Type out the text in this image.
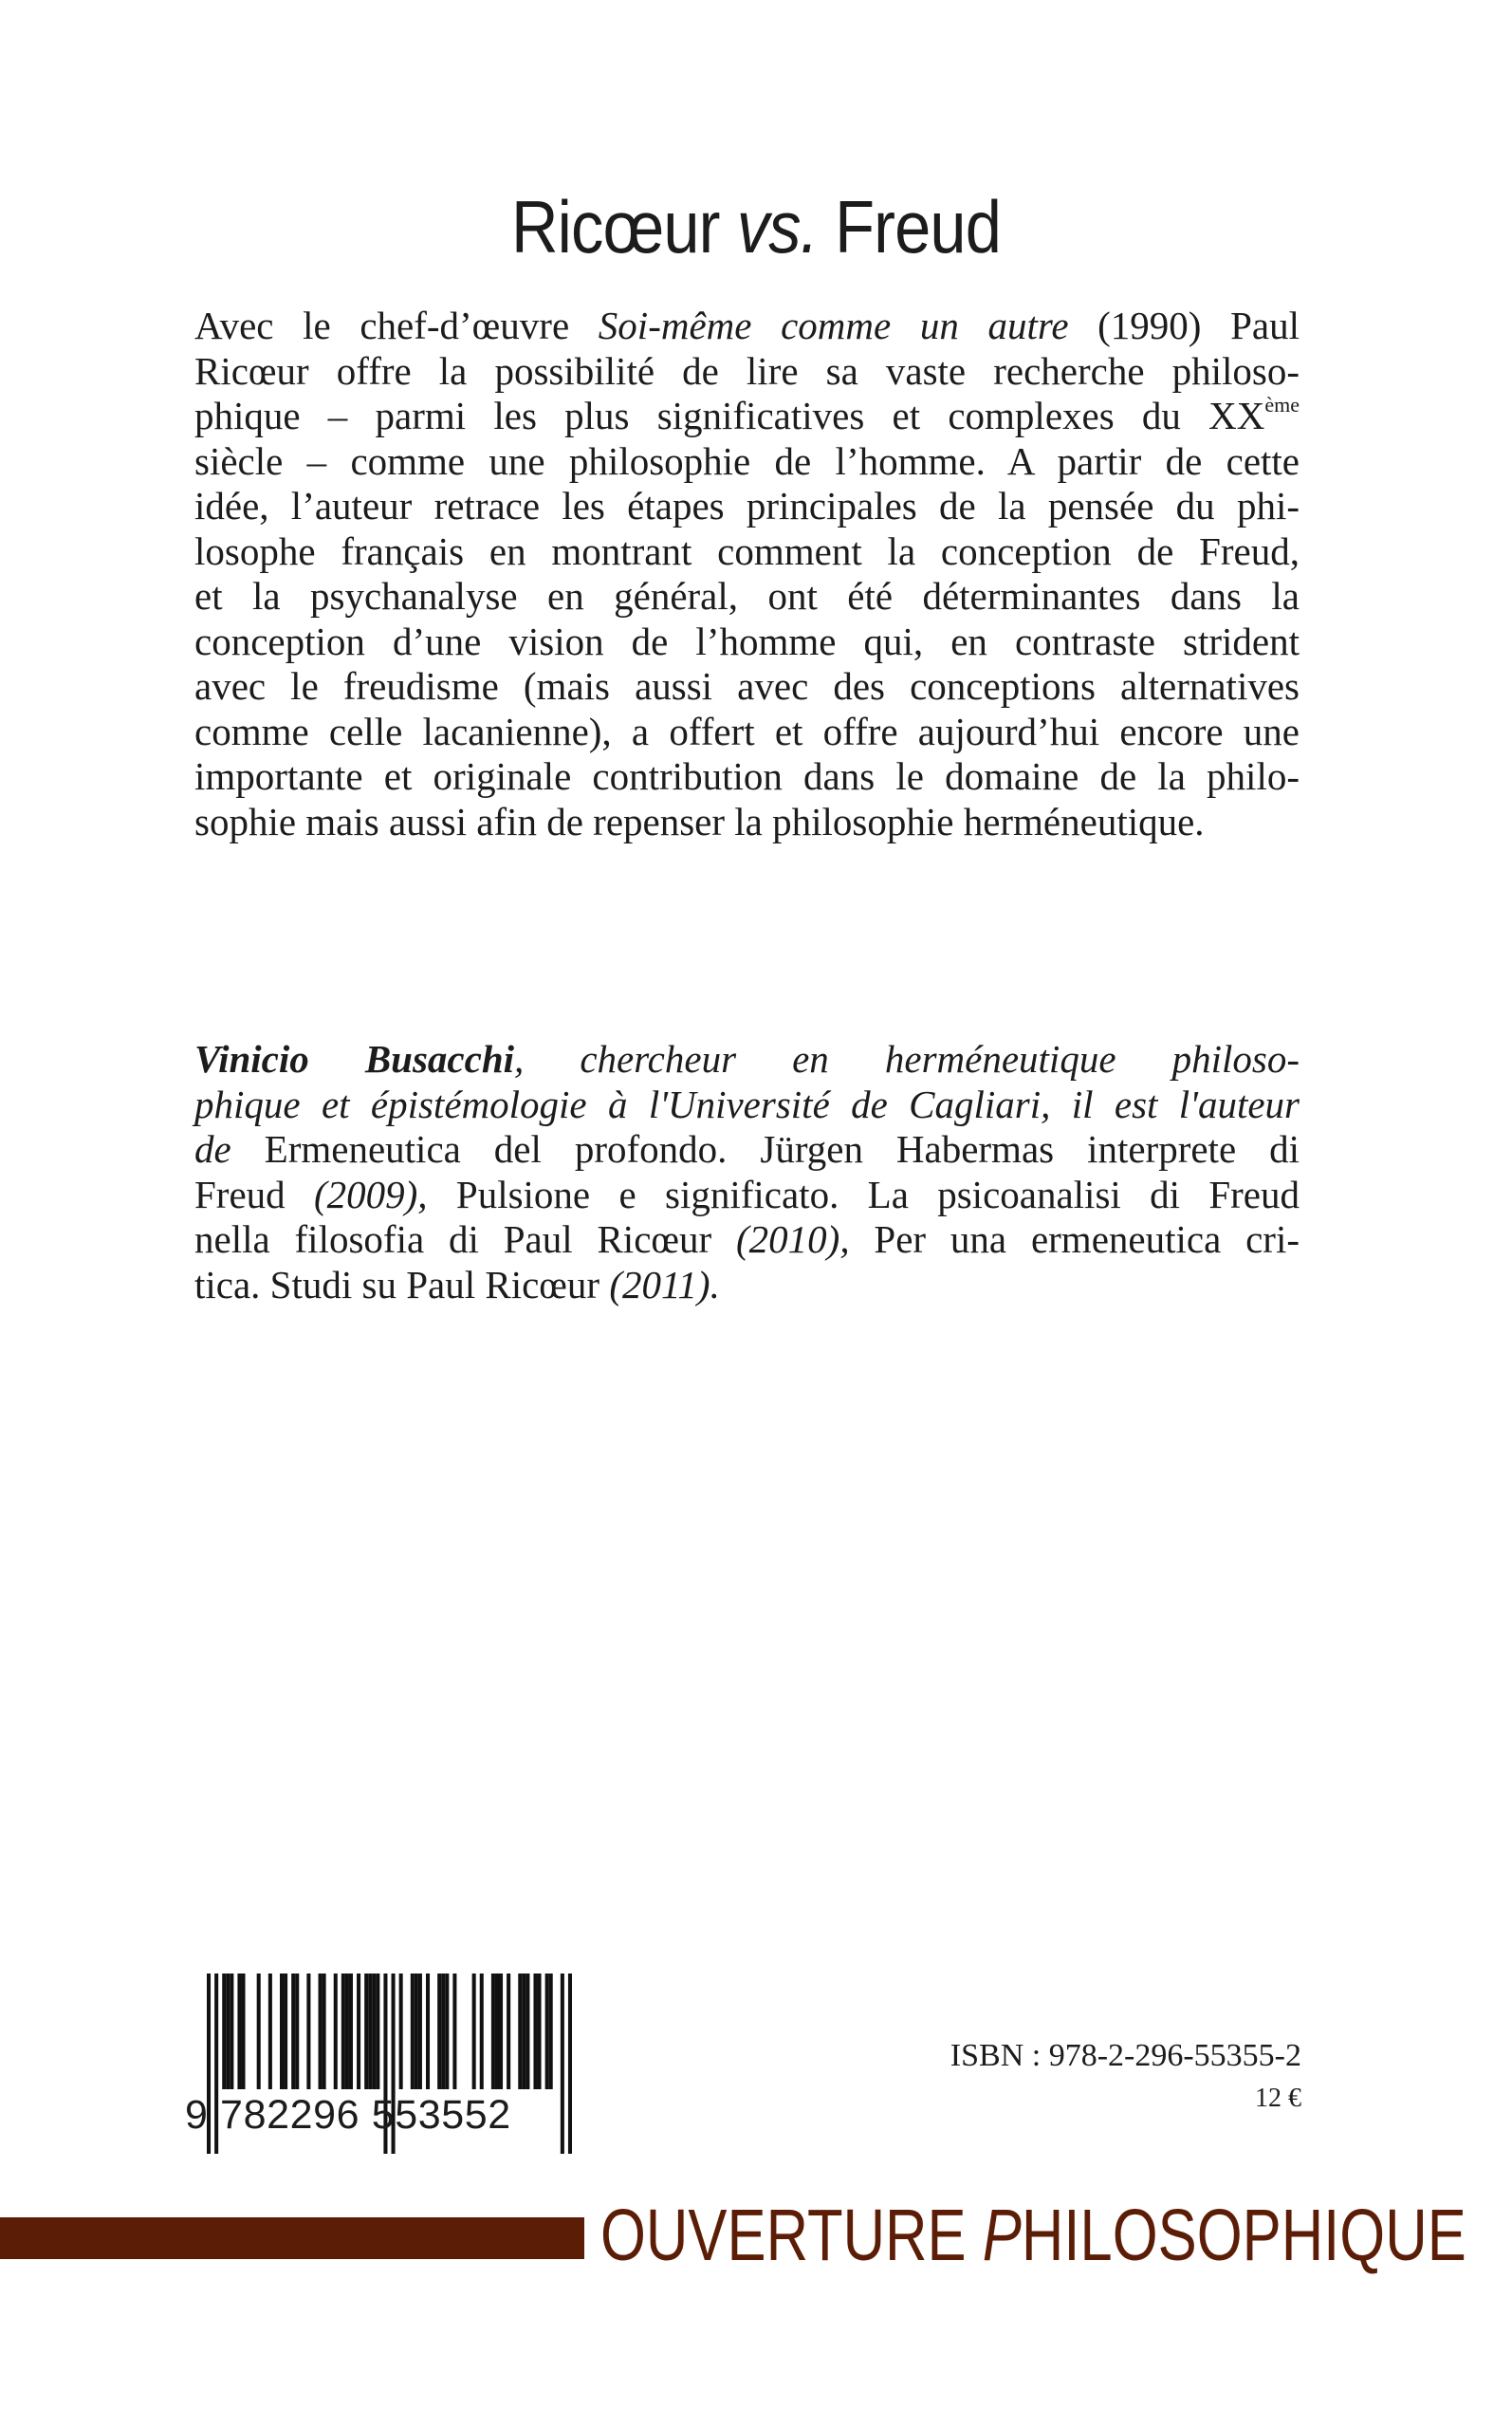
Ricœur vs. Freud
Avec le chef-d’œuvre Soi-même comme un autre (1990) Paul
Ricœur offre la possibilité de lire sa vaste recherche philoso-
phique – parmi les plus significatives et complexes du XXème
siècle – comme une philosophie de l’homme. A partir de cette
idée, l’auteur retrace les étapes principales de la pensée du phi-
losophe français en montrant comment la conception de Freud,
et la psychanalyse en général, ont été déterminantes dans la
conception d’une vision de l’homme qui, en contraste strident
avec le freudisme (mais aussi avec des conceptions alternatives
comme celle lacanienne), a offert et offre aujourd’hui encore une
importante et originale contribution dans le domaine de la philo-
sophie mais aussi afin de repenser la philosophie herméneutique.
Vinicio Busacchi, chercheur en herméneutique philoso-
phique et épistémologie à l'Université de Cagliari, il est l'auteur
de Ermeneutica del profondo. Jürgen Habermas interprete di
Freud (2009), Pulsione e significato. La psicoanalisi di Freud
nella filosofia di Paul Ricœur (2010), Per una ermeneutica cri-
tica. Studi su Paul Ricœur (2011).
9 782296 553552
ISBN : 978-2-296-55355-2
12 €
OUVERTURE PHILOSOPHIQUE
